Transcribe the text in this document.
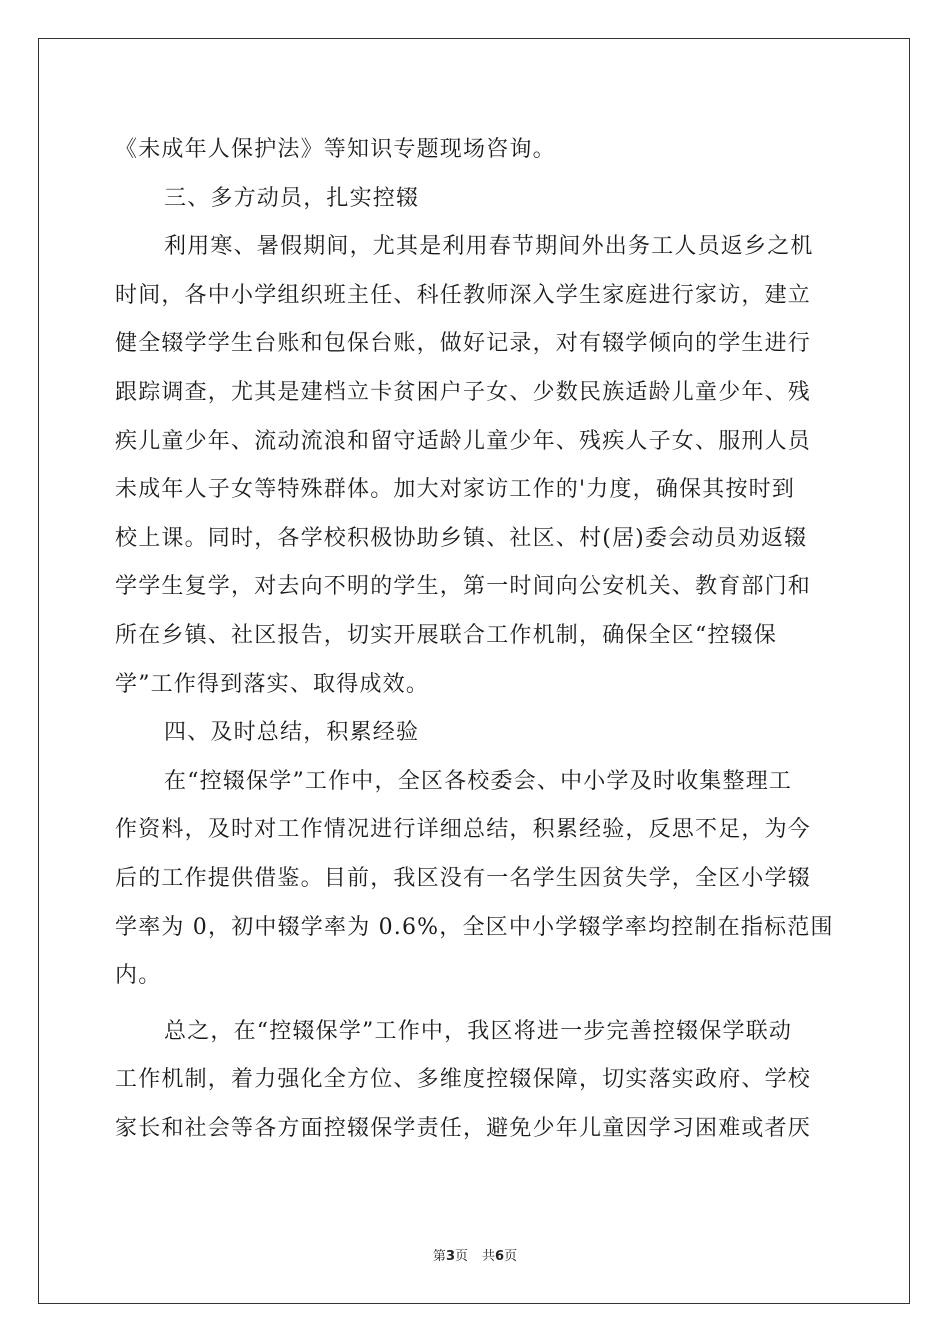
《未成年人保护法》等知识专题现场咨询。
三、多方动员，扎实控辍
利用寒、暑假期间，尤其是利用春节期间外出务工人员返乡之机
时间，各中小学组织班主任、科任教师深入学生家庭进行家访，建立
健全辍学学生台账和包保台账，做好记录，对有辍学倾向的学生进行
跟踪调查，尤其是建档立卡贫困户子女、少数民族适龄儿童少年、残
疾儿童少年、流动流浪和留守适龄儿童少年、残疾人子女、服刑人员
未成年人子女等特殊群体。加大对家访工作的'力度，确保其按时到
校上课。同时，各学校积极协助乡镇、社区、村(居)委会动员劝返辍
学学生复学，对去向不明的学生，第一时间向公安机关、教育部门和
所在乡镇、社区报告，切实开展联合工作机制，确保全区“控辍保
学”工作得到落实、取得成效。
四、及时总结，积累经验
在“控辍保学”工作中，全区各校委会、中小学及时收集整理工
作资料，及时对工作情况进行详细总结，积累经验，反思不足，为今
后的工作提供借鉴。目前，我区没有一名学生因贫失学，全区小学辍
学率为 0，初中辍学率为 0.6%，全区中小学辍学率均控制在指标范围
内。
总之，在“控辍保学”工作中，我区将进一步完善控辍保学联动
工作机制，着力强化全方位、多维度控辍保障，切实落实政府、学校
家长和社会等各方面控辍保学责任，避免少年儿童因学习困难或者厌
第3页 共6页
